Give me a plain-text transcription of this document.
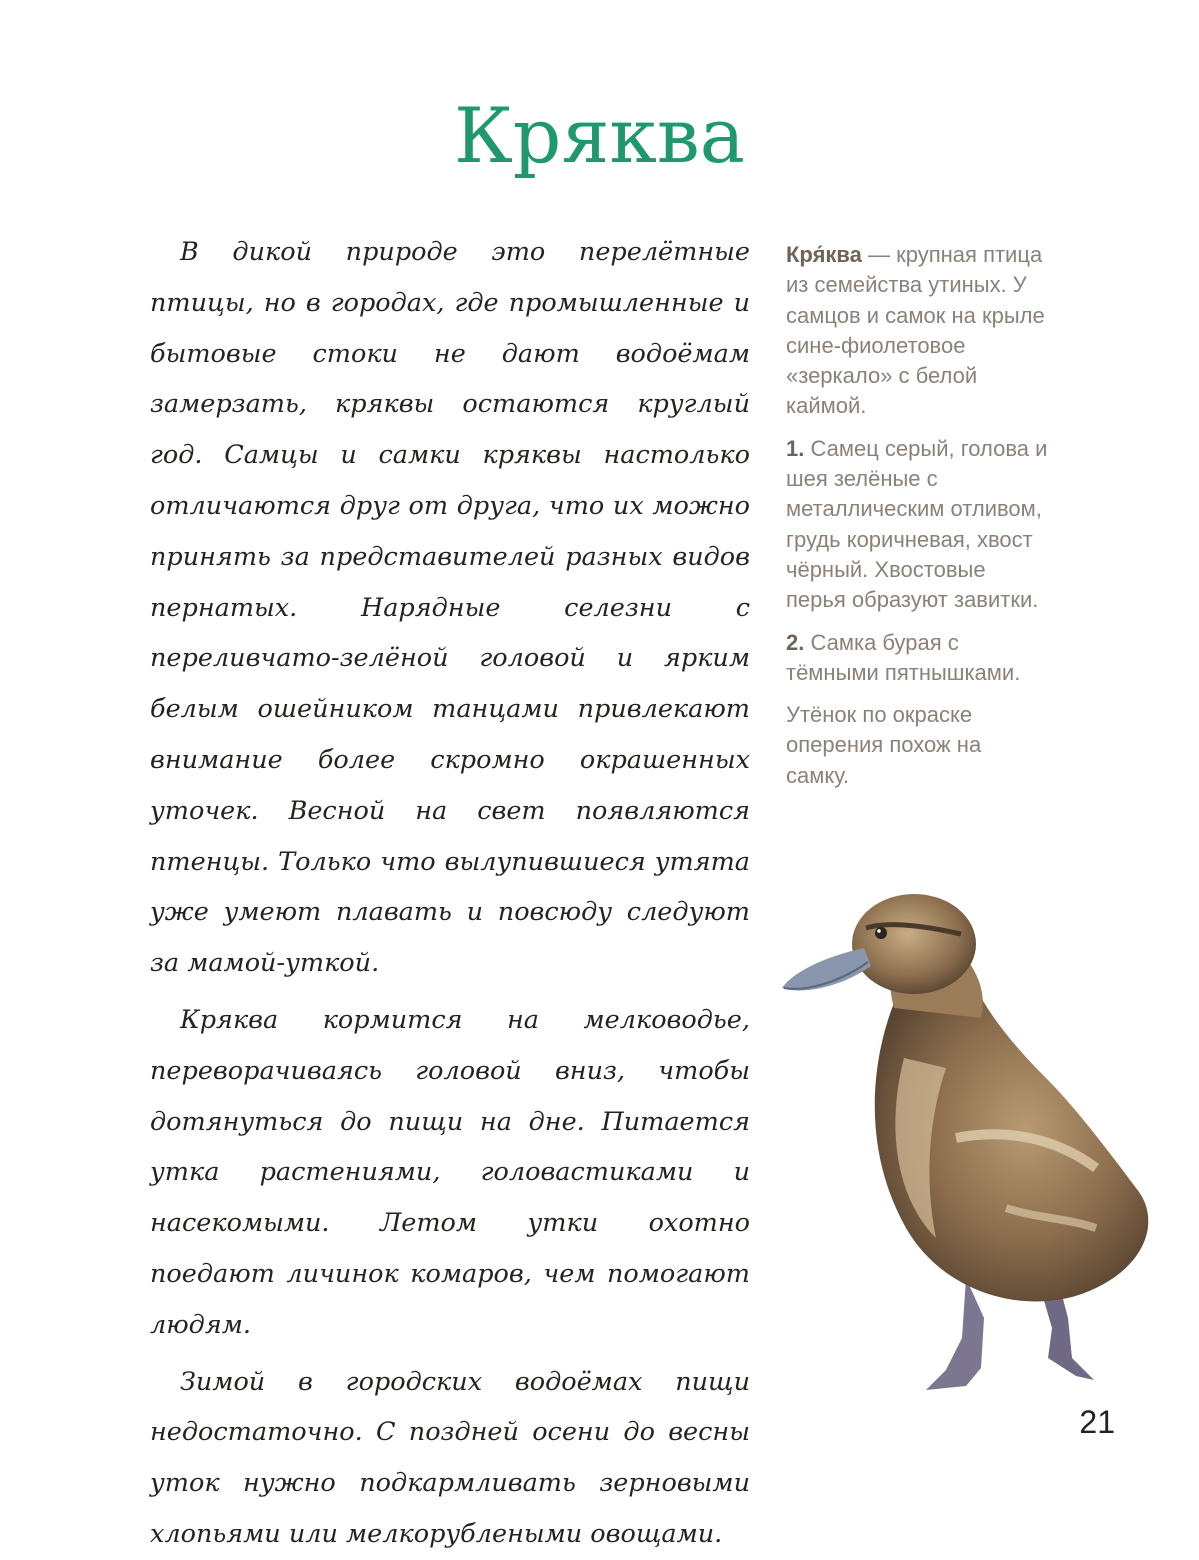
Кряква

В дикой природе это перелётные птицы, но в городах, где промышленные и бытовые стоки не дают водоёмам замерзать, кряквы остаются круглый год. Самцы и самки кряквы настолько отличаются друг от друга, что их можно принять за представителей разных видов пернатых. Нарядные селезни с переливчато-зелёной головой и ярким белым ошейником танцами привлекают внимание более скромно окрашенных уточек. Весной на свет появляются птенцы. Только что вылупившиеся утята уже умеют плавать и повсюду следуют за мамой-уткой.

Кряква кормится на мелководье, переворачиваясь головой вниз, чтобы дотянуться до пищи на дне. Питается утка растениями, головастиками и насекомыми. Летом утки охотно поедают личинок комаров, чем помогают людям.

Зимой в городских водоёмах пищи недостаточно. С поздней осени до весны уток нужно подкармливать зерновыми хлопьями или мелкорублеными овощами.

Кря́ква — крупная птица из семейства утиных. У самцов и самок на крыле сине-фиолетовое «зеркало» с белой каймой.

1. Самец серый, голова и шея зелёные с металлическим отливом, грудь коричневая, хвост чёрный. Хвостовые перья образуют завитки.

2. Самка бурая с тёмными пятнышками.

Утёнок по окраске оперения похож на самку.

21
